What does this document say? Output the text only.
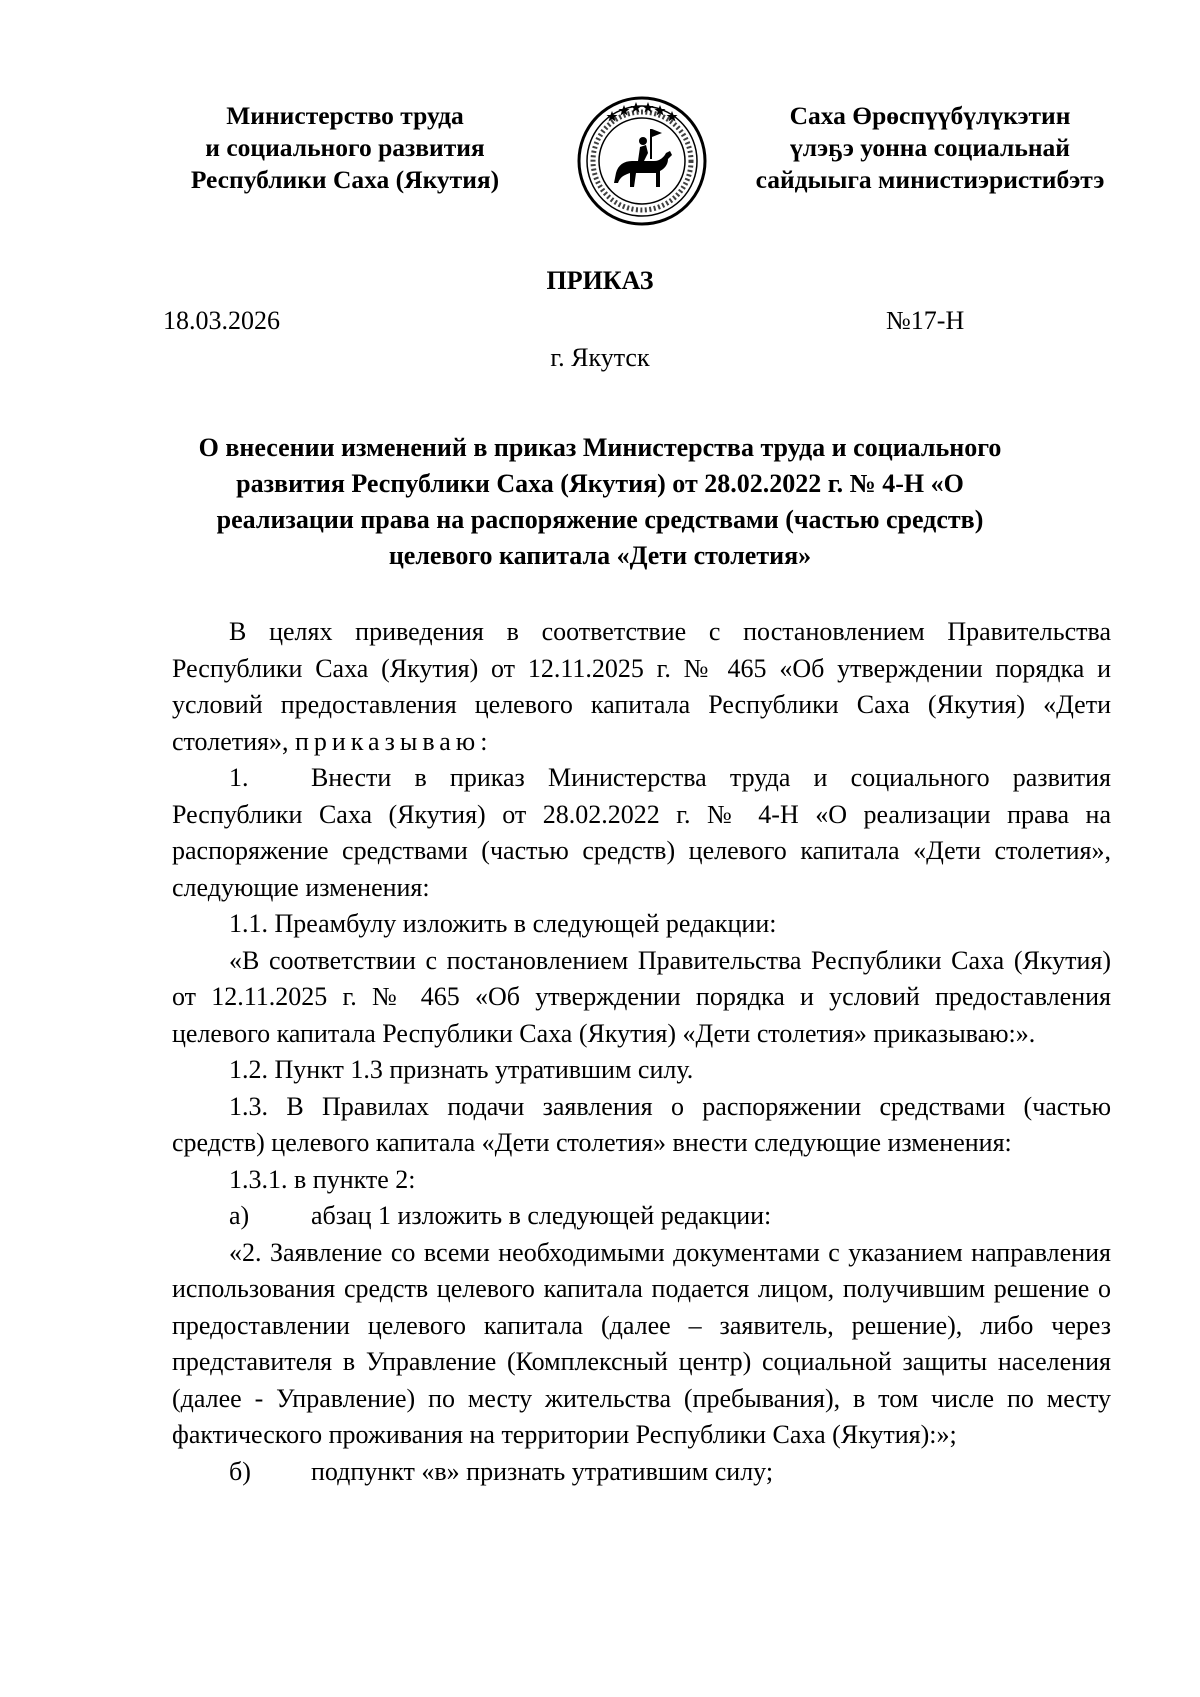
Министерство труда
и социального развития
Республики Саха (Якутия)
Саха Өрөспүүбүлүкэтин
үлэҕэ уонна социальнай
сайдыыга министиэристибэтэ
ПРИКАЗ
18.03.2026	№17-Н
г. Якутск
О внесении изменений в приказ Министерства труда и социального
развития Республики Саха (Якутия) от 28.02.2022 г. № 4-Н «О
реализации права на распоряжение средствами (частью средств)
целевого капитала «Дети столетия»

В целях приведения в соответствие с постановлением Правительства Республики Саха (Якутия) от 12.11.2025 г. № 465 «Об утверждении порядка и условий предоставления целевого капитала Республики Саха (Якутия) «Дети столетия», приказываю:

1.	Внести в приказ Министерства труда и социального развития

Республики Саха (Якутия) от 28.02.2022 г. № 4-Н «О реализации права на распоряжение средствами (частью средств) целевого капитала «Дети столетия», следующие изменения:

1.1. Преамбулу изложить в следующей редакции:

«В соответствии с постановлением Правительства Республики Саха (Якутия) от 12.11.2025 г. № 465 «Об утверждении порядка и условий предоставления целевого капитала Республики Саха (Якутия) «Дети столетия» приказываю:».

1.2. Пункт 1.3 признать утратившим силу.

1.3. В Правилах подачи заявления о распоряжении средствами (частью средств) целевого капитала «Дети столетия» внести следующие изменения:

1.3.1. в пункте 2:

а)	абзац 1 изложить в следующей редакции:

«2. Заявление со всеми необходимыми документами с указанием направления использования средств целевого капитала подается лицом, получившим решение о предоставлении целевого капитала (далее – заявитель, решение), либо через представителя в Управление (Комплексный центр) социальной защиты населения (далее - Управление) по месту жительства (пребывания), в том числе по месту фактического проживания на территории Республики Саха (Якутия):»;

б)	подпункт «в» признать утратившим силу;
